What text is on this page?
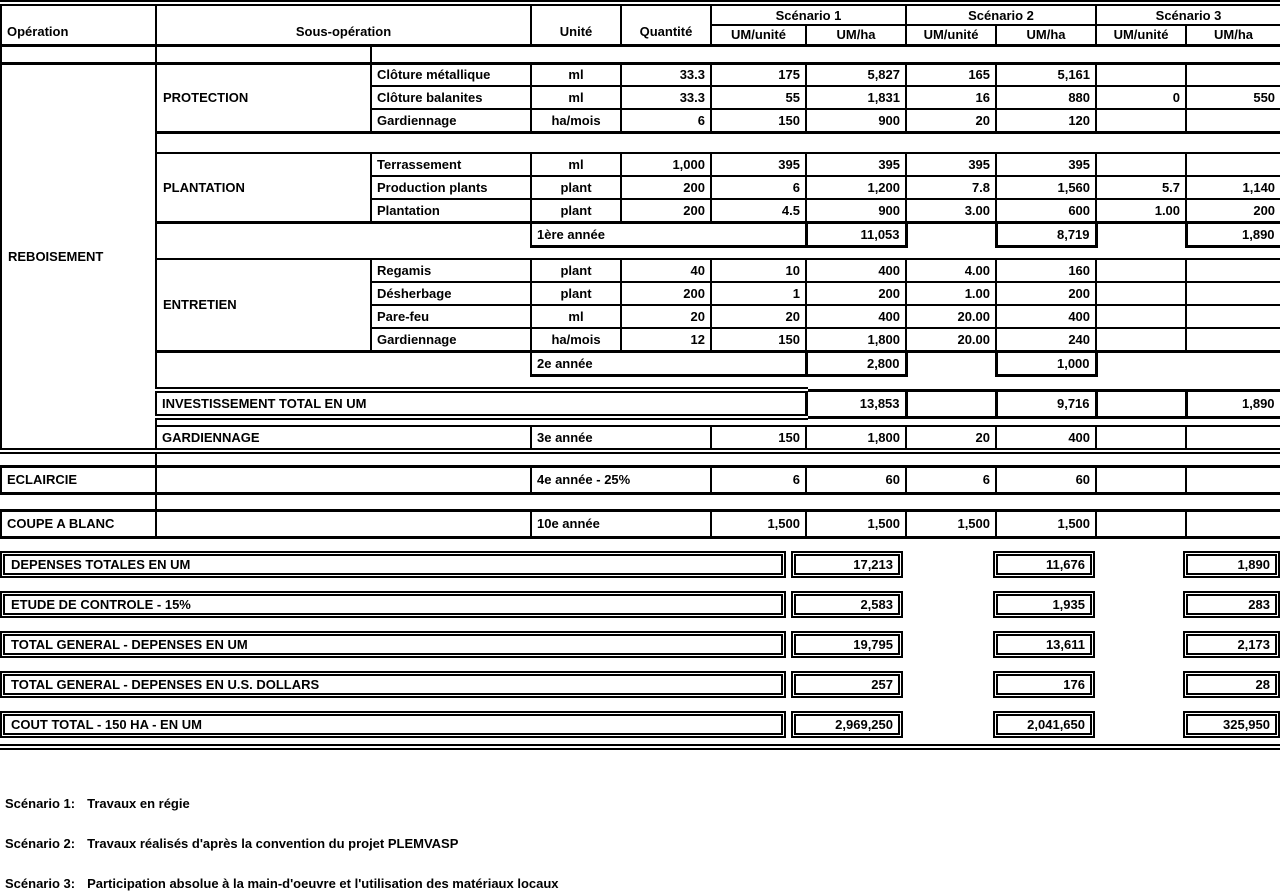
Opération	Sous-opération		Unité	Quantité	Scénario 1		Scénario 2		Scénario 3	
					UM/unité	UM/ha	UM/unité	UM/ha	UM/unité	UM/ha

REBOISEMENT	PROTECTION	Clôture métallique	ml	33.3	175	5,827	165	5,161		
		Clôture balanites	ml	33.3	55	1,831	16	880	0	550
		Gardiennage	ha/mois	6	150	900	20	120		

	PLANTATION	Terrassement	ml	1,000	395	395	395	395		
		Production plants	plant	200	6	1,200	7.8	1,560	5.7	1,140
		Plantation	plant	200	4.5	900	3.00	600	1.00	200
			1ère année			11,053		8,719		1,890

	ENTRETIEN	Regamis	plant	40	10	400	4.00	160		
		Désherbage	plant	200	1	200	1.00	200		
		Pare-feu	ml	20	20	400	20.00	400		
		Gardiennage	ha/mois	12	150	1,800	20.00	240		
			2e année			2,800		1,000		

	INVESTISSEMENT TOTAL EN UM					13,853		9,716		1,890

	GARDIENNAGE		3e année		150	1,800	20	400		

ECLAIRCIE			4e année - 25%		6	60	6	60		

COUPE A BLANC			10e année		1,500	1,500	1,500	1,500		
DEPENSES TOTALES EN UM	17,213	11,676	1,890
ETUDE DE CONTROLE - 15%	2,583	1,935	283
TOTAL GENERAL - DEPENSES EN UM	19,795	13,611	2,173
TOTAL GENERAL - DEPENSES EN U.S. DOLLARS	257	176	28
COUT TOTAL - 150 HA - EN UM	2,969,250	2,041,650	325,950
Scénario 1: Travaux en régie
Scénario 2: Travaux réalisés d'après la convention du projet PLEMVASP
Scénario 3: Participation absolue à la main-d'oeuvre et l'utilisation des matériaux locaux
